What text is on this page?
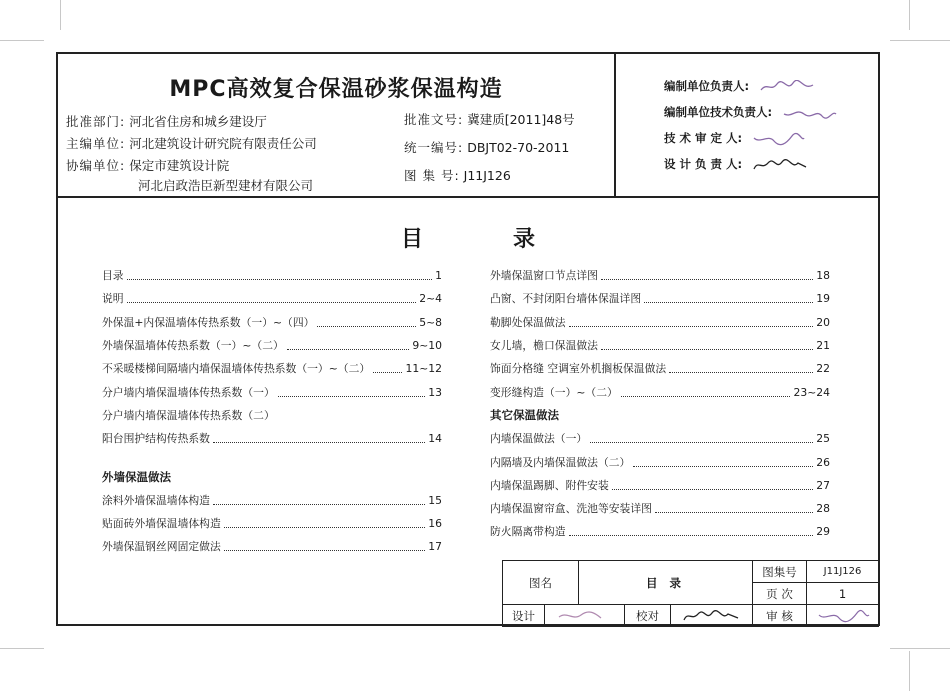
MPC高效复合保温砂浆保温构造
批准部门: 河北省住房和城乡建设厅
主编单位: 河北建筑设计研究院有限责任公司
协编单位: 保定市建筑设计院
河北启政浩臣新型建材有限公司
批准文号: 冀建质[2011]48号
统一编号: DBJT02-70-2011
图 集 号: J11J126
编制单位负责人:
编制单位技术负责人:
技 术 审 定 人:
设 计 负 责 人:
目录
目录	1
说明	2~4
外保温+内保温墙体传热系数（一）~（四）	5~8
外墙保温墙体传热系数（一）~（二）	9~10
不采暖楼梯间隔墙内墙保温墙体传热系数（一）~（二）	11~12
分户墙内墙保温墙体传热系数（一）	13
分户墙内墙保温墙体传热系数（二）
阳台围护结构传热系数	14
外墙保温做法
涂料外墙保温墙体构造	15
贴面砖外墙保温墙体构造	16
外墙保温钢丝网固定做法	17
外墙保温窗口节点详图	18
凸窗、不封闭阳台墙体保温详图	19
勒脚处保温做法	20
女儿墙，檐口保温做法	21
饰面分格缝 空调室外机搁板保温做法	22
变形缝构造（一）~（二）	23~24
其它保温做法
内墙保温做法（一）	25
内隔墙及内墙保温做法（二）	26
内墙保温踢脚、附件安装	27
内墙保温窗帘盒、洗池等安装详图	28
防火隔离带构造	29
图名	目 录
图集号	J11J126
页 次	1
设计	校对	审 核
